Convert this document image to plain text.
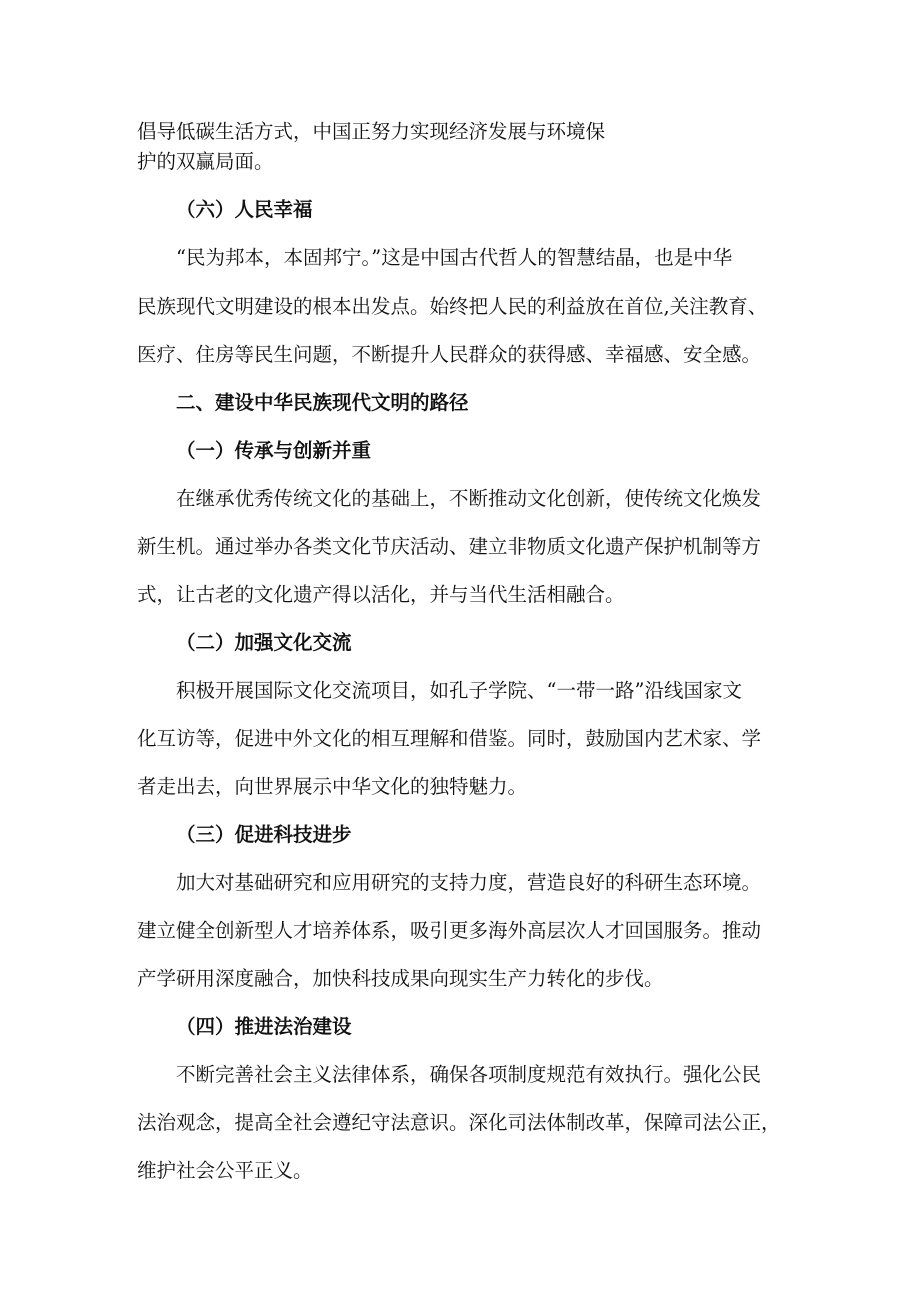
倡导低碳生活方式，中国正努力实现经济发展与环境保

护的双赢局面。

（六）人民幸福

“民为邦本，本固邦宁。”这是中国古代哲人的智慧结晶，也是中华

民族现代文明建设的根本出发点。始终把人民的利益放在首位,关注教育、

医疗、住房等民生问题，不断提升人民群众的获得感、幸福感、安全感。

二、建设中华民族现代文明的路径

（一）传承与创新并重

在继承优秀传统文化的基础上，不断推动文化创新，使传统文化焕发

新生机。通过举办各类文化节庆活动、建立非物质文化遗产保护机制等方

式，让古老的文化遗产得以活化，并与当代生活相融合。

（二）加强文化交流

积极开展国际文化交流项目，如孔子学院、“一带一路”沿线国家文

化互访等，促进中外文化的相互理解和借鉴。同时，鼓励国内艺术家、学

者走出去，向世界展示中华文化的独特魅力。

（三）促进科技进步

加大对基础研究和应用研究的支持力度，营造良好的科研生态环境。

建立健全创新型人才培养体系，吸引更多海外高层次人才回国服务。推动

产学研用深度融合，加快科技成果向现实生产力转化的步伐。

（四）推进法治建设

不断完善社会主义法律体系，确保各项制度规范有效执行。强化公民

法治观念，提高全社会遵纪守法意识。深化司法体制改革，保障司法公正，

维护社会公平正义。
